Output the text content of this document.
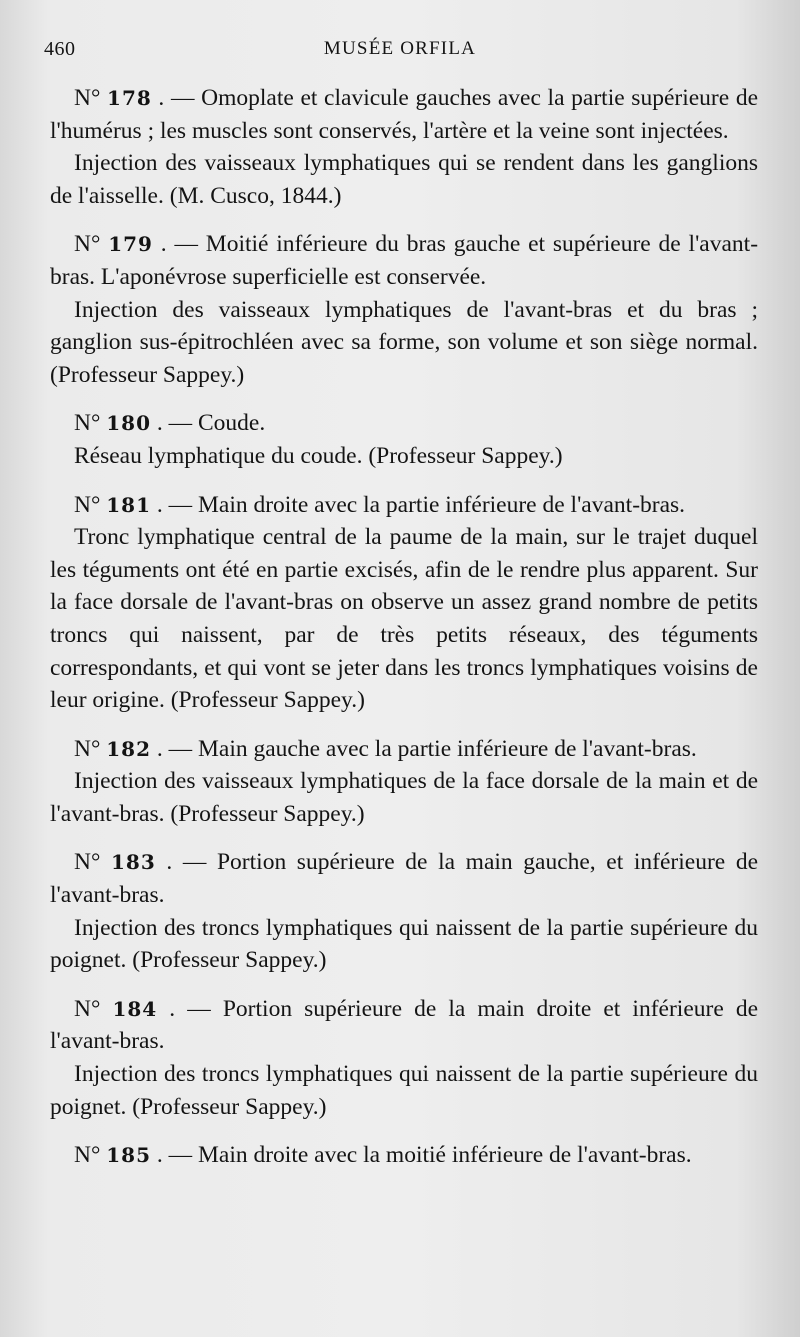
460	MUSÉE ORFILA

N° 178 . — Omoplate et clavicule gauches avec la partie supérieure de l'humérus ; les muscles sont conservés, l'artère et la veine sont injectées.

Injection des vaisseaux lymphatiques qui se rendent dans les ganglions de l'aisselle. (M. Cusco, 1844.)

N° 179 . — Moitié inférieure du bras gauche et supérieure de l'avant-bras. L'aponévrose superficielle est conservée.

Injection des vaisseaux lymphatiques de l'avant-bras et du bras ; ganglion sus-épitrochléen avec sa forme, son volume et son siège normal. (Professeur Sappey.)

N° 180 . — Coude.

Réseau lymphatique du coude. (Professeur Sappey.)

N° 181 . — Main droite avec la partie inférieure de l'avant-bras.

Tronc lymphatique central de la paume de la main, sur le trajet duquel les téguments ont été en partie excisés, afin de le rendre plus apparent. Sur la face dorsale de l'avant-bras on observe un assez grand nombre de petits troncs qui naissent, par de très petits réseaux, des téguments correspondants, et qui vont se jeter dans les troncs lymphatiques voisins de leur origine. (Professeur Sappey.)

N° 182 . — Main gauche avec la partie inférieure de l'avant-bras.

Injection des vaisseaux lymphatiques de la face dorsale de la main et de l'avant-bras. (Professeur Sappey.)

N° 183 . — Portion supérieure de la main gauche, et inférieure de l'avant-bras.

Injection des troncs lymphatiques qui naissent de la partie supérieure du poignet. (Professeur Sappey.)

N° 184 . — Portion supérieure de la main droite et inférieure de l'avant-bras.

Injection des troncs lymphatiques qui naissent de la partie supérieure du poignet. (Professeur Sappey.)

N° 185 . — Main droite avec la moitié inférieure de l'avant-bras.
